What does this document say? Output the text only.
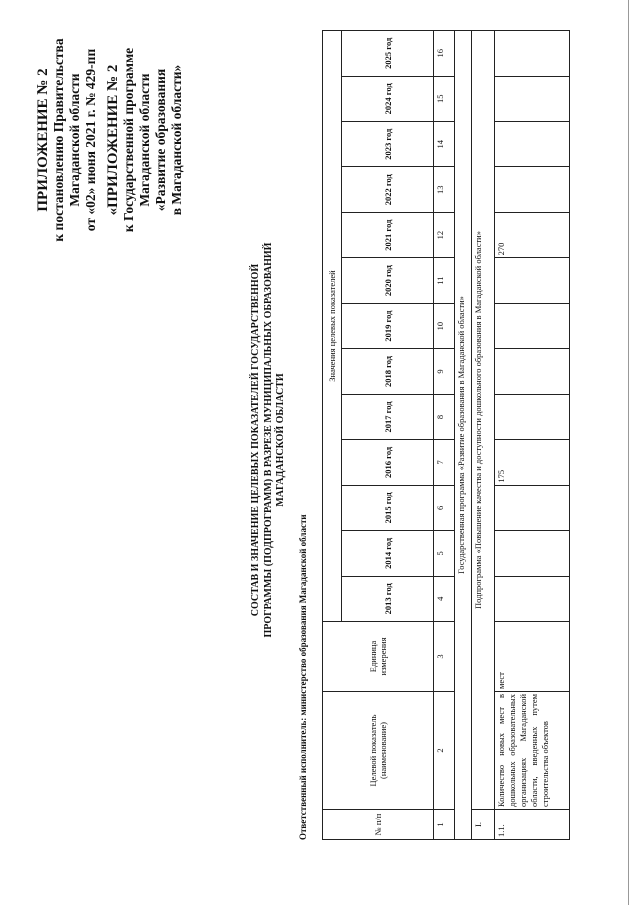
ПРИЛОЖЕНИЕ № 2 к постановлению Правительства Магаданской области от «02» июня 2021 г. № 429-пп «ПРИЛОЖЕНИЕ № 2 к Государственной программе Магаданской области «Развитие образования в Магаданской области»
СОСТАВ И ЗНАЧЕНИЕ ЦЕЛЕВЫХ ПОКАЗАТЕЛЕЙ ГОСУДАРСТВЕННОЙ ПРОГРАММЫ (ПОДПРОГРАММ) В РАЗРЕЗЕ МУНИЦИПАЛЬНЫХ ОБРАЗОВАНИЙ МАГАДАНСКОЙ ОБЛАСТИ
Ответственный исполнитель: министерство образования Магаданской области	№ п/п	Целевой показатель (наименование)	Единица измерения	Значения целевых показателей												
			2013 год	2014 год	2015 год	2016 год	2017 год	2018 год	2019 год	2020 год	2021 год	2022 год	2023 год	2024 год	2025 год
1	2	3	4	5	6	7	8	9	10	11	12	13	14	15	16
Государственная программа «Развитие образования в Магаданской области»															
I.	Подпрограмма «Повышение качества и доступности дошкольного образования в Магаданской области»														
1.1.	Количество новых мест в дошкольных образовательных организациях Магаданской области, введенных путем строительства объектов	мест				175					270				
